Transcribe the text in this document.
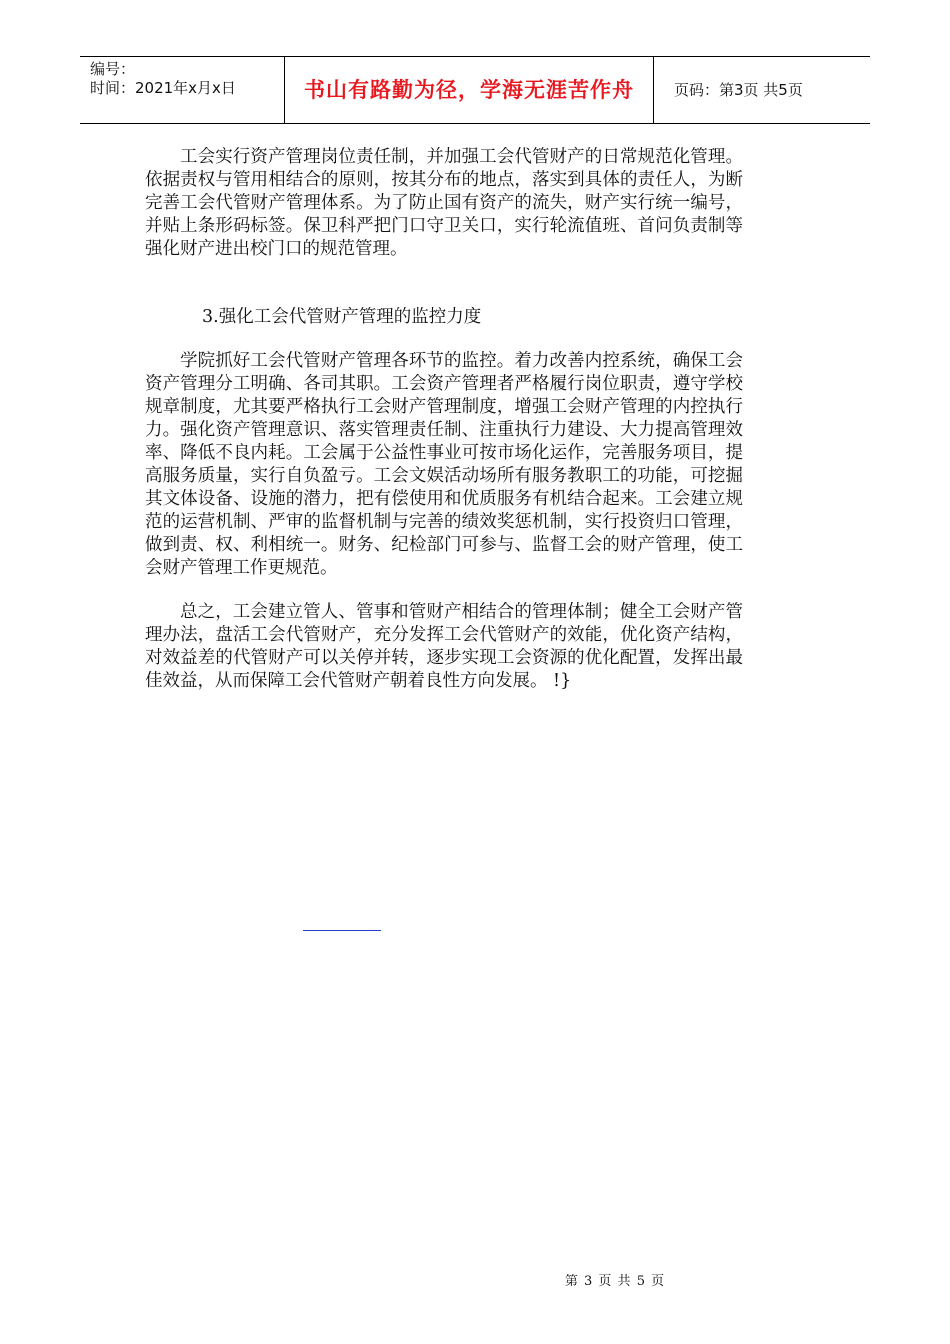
编号：
时间：2021年x月x日	书山有路勤为径，学海无涯苦作舟	页码：第3页 共5页

工会实行资产管理岗位责任制，并加强工会代管财产的日常规范化管理。依据责权与管用相结合的原则，按其分布的地点，落实到具体的责任人，为断完善工会代管财产管理体系。为了防止国有资产的流失，财产实行统一编号，并贴上条形码标签。保卫科严把门口守卫关口，实行轮流值班、首问负责制等强化财产进出校门口的规范管理。

3.强化工会代管财产管理的监控力度

学院抓好工会代管财产管理各环节的监控。着力改善内控系统，确保工会资产管理分工明确、各司其职。工会资产管理者严格履行岗位职责，遵守学校规章制度，尤其要严格执行工会财产管理制度，增强工会财产管理的内控执行力。强化资产管理意识、落实管理责任制、注重执行力建设、大力提高管理效率、降低不良内耗。工会属于公益性事业可按市场化运作，完善服务项目，提高服务质量，实行自负盈亏。工会文娱活动场所有服务教职工的功能，可挖掘其文体设备、设施的潜力，把有偿使用和优质服务有机结合起来。工会建立规范的运营机制、严审的监督机制与完善的绩效奖惩机制，实行投资归口管理，做到责、权、利相统一。财务、纪检部门可参与、监督工会的财产管理，使工会财产管理工作更规范。

总之，工会建立管人、管事和管财产相结合的管理体制；健全工会财产管理办法，盘活工会代管财产，充分发挥工会代管财产的效能，优化资产结构，对效益差的代管财产可以关停并转，逐步实现工会资源的优化配置，发挥出最佳效益，从而保障工会代管财产朝着良性方向发展。 !}

第 3 页 共 5 页
